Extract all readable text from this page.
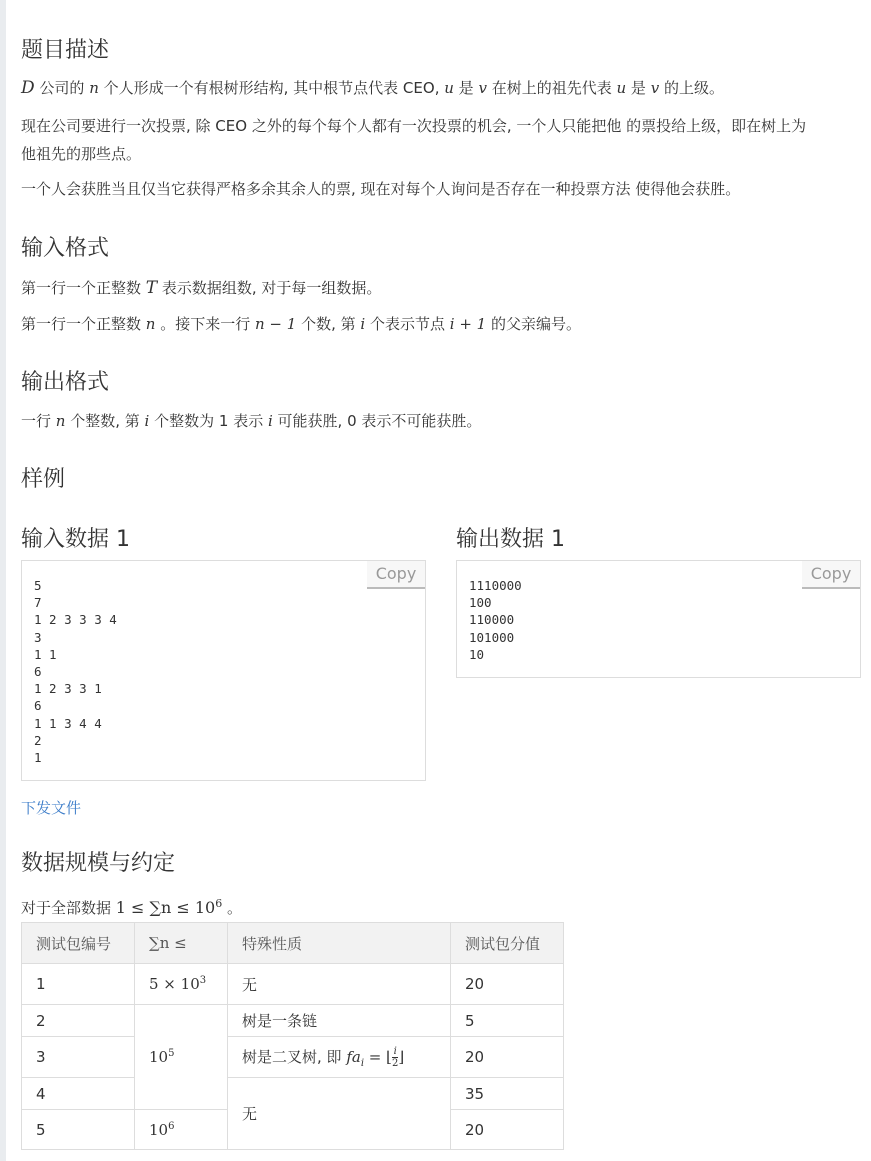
题目描述

D 公司的 n 个人形成一个有根树形结构, 其中根节点代表 CEO, u 是 v 在树上的祖先代表 u 是 v 的上级。

现在公司要进行一次投票, 除 CEO 之外的每个每个人都有一次投票的机会, 一个人只能把他 的票投给上级，即在树上为

他祖先的那些点。

一个人会获胜当且仅当它获得严格多余其余人的票, 现在对每个人询问是否存在一种投票方法 使得他会获胜。

输入格式

第一行一个正整数 T 表示数据组数, 对于每一组数据。

第一行一个正整数 n 。接下来一行 n − 1 个数, 第 i 个表示节点 i + 1 的父亲编号。

输出格式

一行 n 个整数, 第 i 个整数为 1 表示 i 可能获胜, 0 表示不可能获胜。

样例
输入数据 1	输出数据 1
Copy
5
7
1 2 3 3 3 4
3
1 1
6
1 2 3 3 1
6
1 1 3 4 4
2
1
Copy
1110000
100
110000
101000
10
下发文件
数据规模与约定

对于全部数据 $1 \le \sum n \le 10^6$ 。

测试包编号	∑n ≤	特殊性质	测试包分值
1	$5 \times 10^3$	无	20
2	$10^5$	树是一条链	5
3		树是二叉树, 即 $fa_i$ = ⌊ $\frac{i}{2}$ ⌋	20
4		无	35
5	$10^6$		20
